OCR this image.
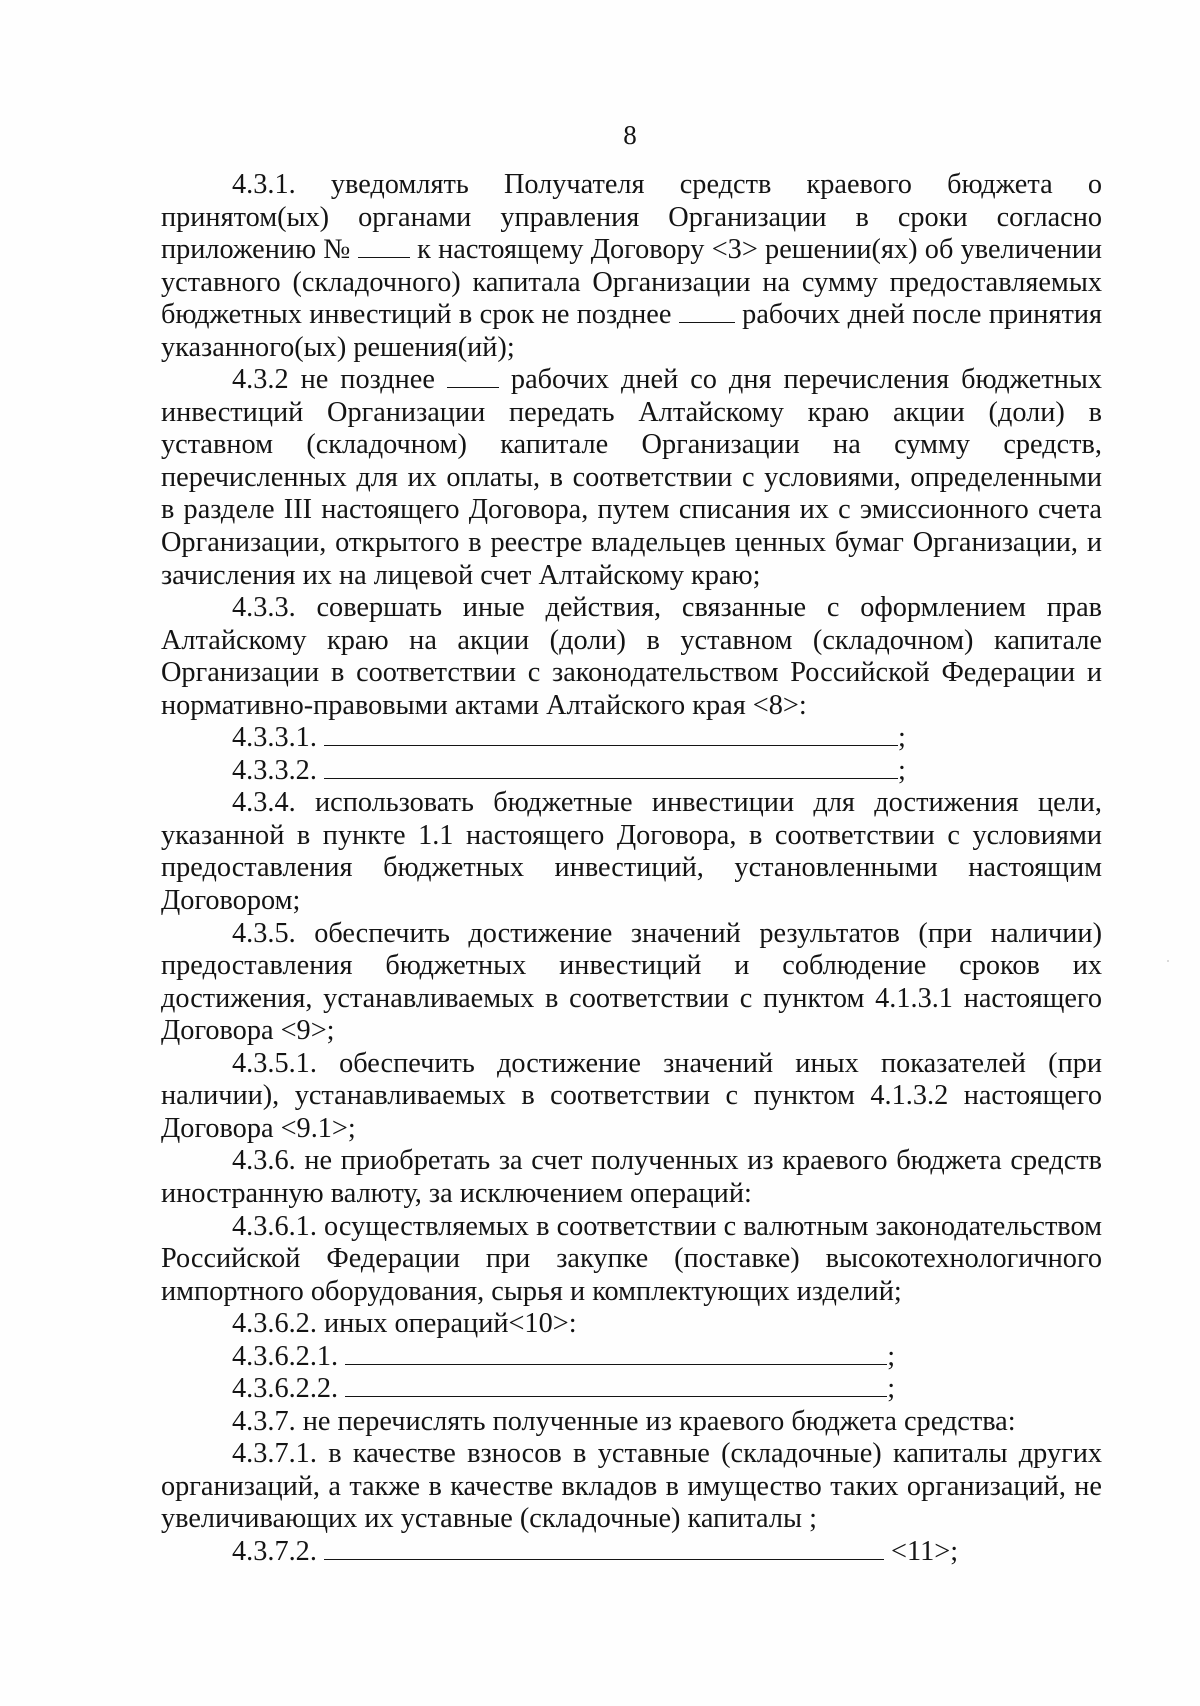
8

4.3.1. уведомлять Получателя средств краевого бюджета о принятом(ых) органами управления Организации в сроки согласно приложению №  к настоящему Договору <3> решении(ях) об увеличении уставного (складочного) капитала Организации на сумму предоставляемых бюджетных инвестиций в срок не позднее  рабочих дней после принятия указанного(ых) решения(ий);

4.3.2 не позднее  рабочих дней со дня перечисления бюджетных инвестиций Организации передать Алтайскому краю акции (доли) в уставном (складочном) капитале Организации на сумму средств, перечисленных для их оплаты, в соответствии с условиями, определенными в разделе III настоящего Договора, путем списания их с эмиссионного счета Организации, открытого в реестре владельцев ценных бумаг Организации, и зачисления их на лицевой счет Алтайскому краю;

4.3.3. совершать иные действия, связанные с оформлением прав Алтайскому краю на акции (доли) в уставном (складочном) капитале Организации в соответствии с законодательством Российской Федерации и нормативно-правовыми актами Алтайского края <8>:

4.3.3.1.	;

4.3.3.2.	;

4.3.4. использовать бюджетные инвестиции для достижения цели, указанной в пункте 1.1 настоящего Договора, в соответствии с условиями предоставления бюджетных инвестиций, установленными настоящим Договором;

4.3.5. обеспечить достижение значений результатов (при наличии) предоставления бюджетных инвестиций и соблюдение сроков их достижения, устанавливаемых в соответствии с пунктом 4.1.3.1 настоящего Договора <9>;

4.3.5.1. обеспечить достижение значений иных показателей (при наличии), устанавливаемых в соответствии с пунктом 4.1.3.2 настоящего Договора <9.1>;

4.3.6. не приобретать за счет полученных из краевого бюджета средств иностранную валюту, за исключением операций:

4.3.6.1. осуществляемых в соответствии с валютным законодательством Российской Федерации при закупке (поставке) высокотехнологичного импортного оборудования, сырья и комплектующих изделий;

4.3.6.2. иных операций<10>:

4.3.6.2.1.	;

4.3.6.2.2.	;

4.3.7. не перечислять полученные из краевого бюджета средства:

4.3.7.1. в качестве взносов в уставные (складочные) капиталы других организаций, а также в качестве вкладов в имущество таких организаций, не увеличивающих их уставные (складочные) капиталы ;

4.3.7.2.	<11>;
